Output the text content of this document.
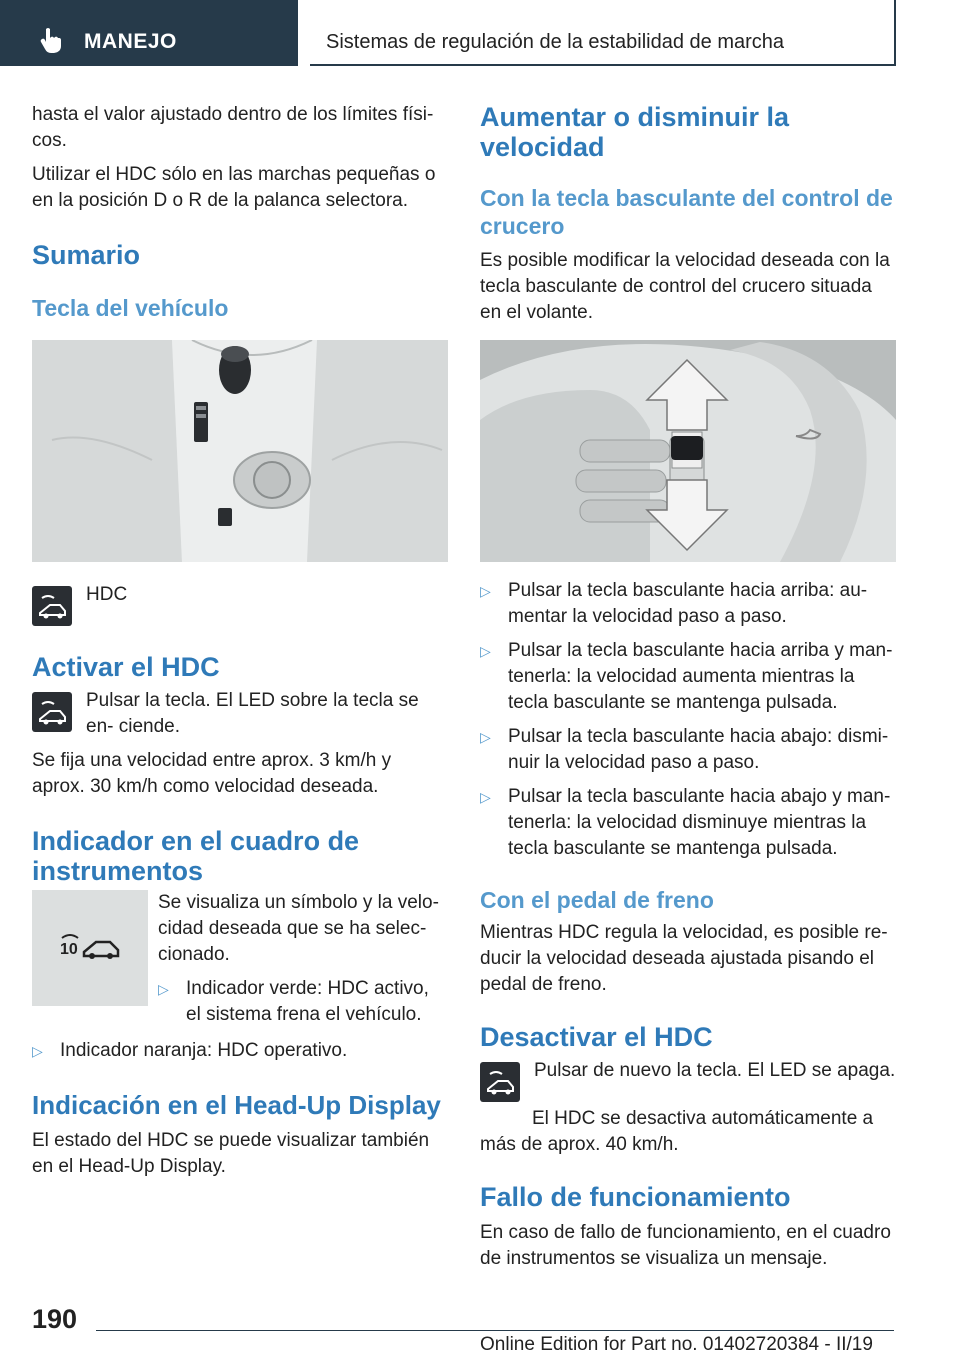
MANEJO	Sistemas de regulación de la estabilidad de marcha

hasta el valor ajustado dentro de los límites físi- cos.

Utilizar el HDC sólo en las marchas pequeñas o en la posición D o R de la palanca selectora.

Sumario
Tecla del vehículo

HDC

Activar el HDC

Pulsar la tecla. El LED sobre la tecla se en- ciende.

Se fija una velocidad entre aprox. 3 km/h y aprox. 30 km/h como velocidad deseada.

Indicador en el cuadro de instrumentos
10

Se visualiza un símbolo y la velo- cidad deseada que se ha selec- cionado.

▷ Indicador verde: HDC activo, el sistema frena el vehículo.
▷ Indicador naranja: HDC operativo.
Indicación en el Head-Up Display

El estado del HDC se puede visualizar también en el Head-Up Display.

Aumentar o disminuir la velocidad
Con la tecla basculante del control de crucero

Es posible modificar la velocidad deseada con la tecla basculante de control del crucero situada en el volante.

▷ Pulsar la tecla basculante hacia arriba: au- mentar la velocidad paso a paso.
▷ Pulsar la tecla basculante hacia arriba y man- tenerla: la velocidad aumenta mientras la tecla basculante se mantenga pulsada.
▷ Pulsar la tecla basculante hacia abajo: dismi- nuir la velocidad paso a paso.
▷ Pulsar la tecla basculante hacia abajo y man- tenerla: la velocidad disminuye mientras la tecla basculante se mantenga pulsada.
Con el pedal de freno

Mientras HDC regula la velocidad, es posible re- ducir la velocidad deseada ajustada pisando el pedal de freno.

Desactivar el HDC

Pulsar de nuevo la tecla. El LED se apaga.

El HDC se desactiva automáticamente a más de aprox. 40 km/h.

Fallo de funcionamiento

En caso de fallo de funcionamiento, en el cuadro de instrumentos se visualiza un mensaje.

190
Online Edition for Part no. 01402720384 - II/19
